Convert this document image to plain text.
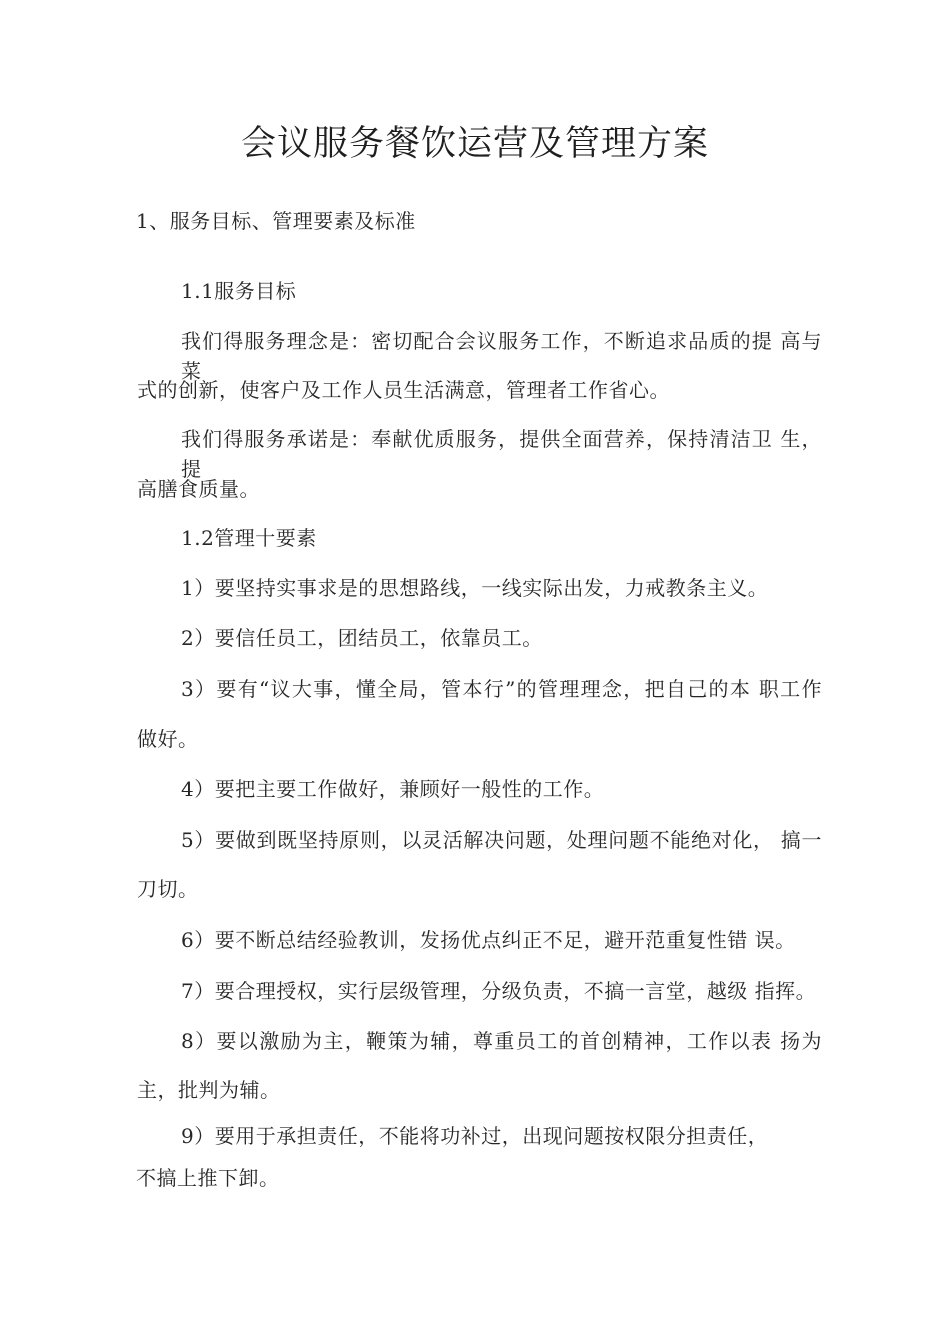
会议服务餐饮运营及管理方案
1、服务目标、管理要素及标准
1.1服务目标
我们得服务理念是：密切配合会议服务工作，不断追求品质的提 高与菜
式的创新，使客户及工作人员生活满意，管理者工作省心。
我们得服务承诺是：奉献优质服务，提供全面营养，保持清洁卫 生，提
高膳食质量。
1.2管理十要素
1）要坚持实事求是的思想路线，一线实际出发，力戒教条主义。
2）要信任员工，团结员工，依靠员工。
3）要有“议大事，懂全局，管本行”的管理理念，把自己的本 职工作
做好。
4）要把主要工作做好，兼顾好一般性的工作。
5）要做到既坚持原则，以灵活解决问题，处理问题不能绝对化， 搞一
刀切。
6）要不断总结经验教训，发扬优点纠正不足，避开范重复性错 误。
7）要合理授权，实行层级管理，分级负责，不搞一言堂，越级 指挥。
8）要以激励为主，鞭策为辅，尊重员工的首创精神，工作以表 扬为
主，批判为辅。
9）要用于承担责任，不能将功补过，出现问题按权限分担责任，
不搞上推下卸。
